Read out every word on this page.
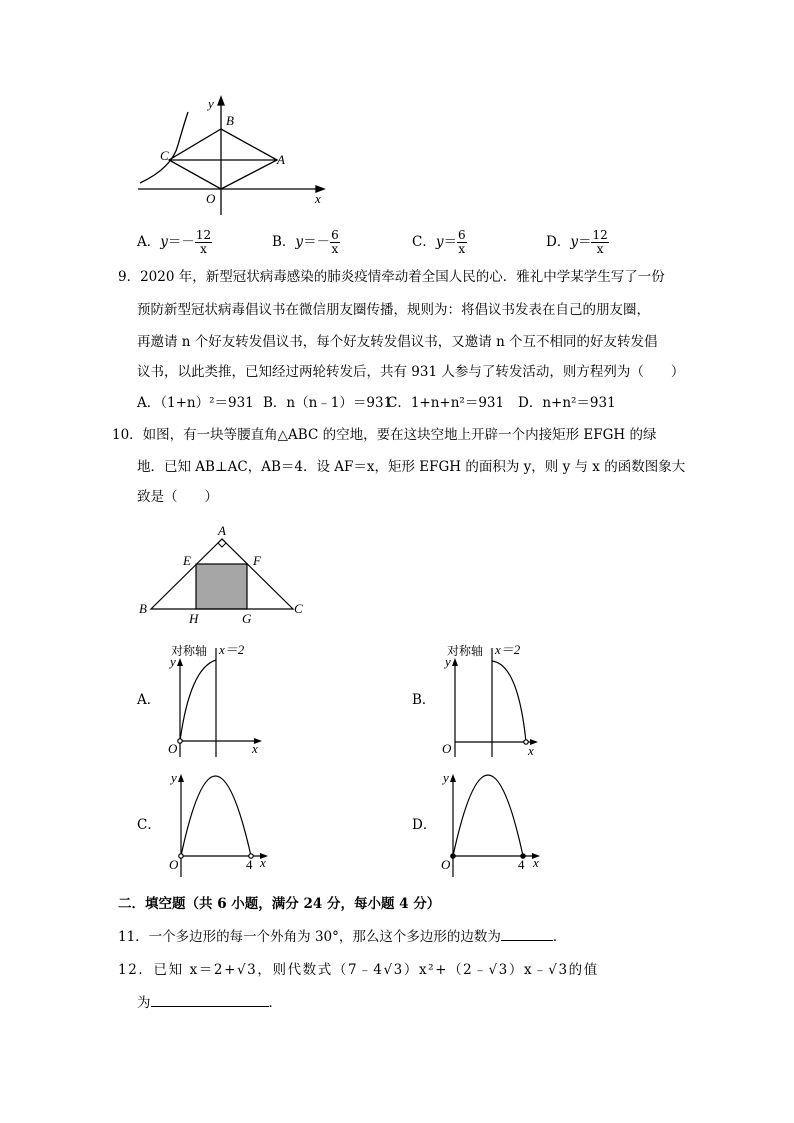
y
B
A
C
O	x
A．$y=- \frac{12}{x}$	B．$y=- \frac{6}{x}$	C．$y= \frac{6}{x}$	D．$y= \frac{12}{x}$
9．2020 年，新型冠状病毒感染的肺炎疫情牵动着全国人民的心．雅礼中学某学生写了一份
预防新型冠状病毒倡议书在微信朋友圈传播，规则为：将倡议书发表在自己的朋友圈，
再邀请 n 个好友转发倡议书，每个好友转发倡议书，又邀请 n 个互不相同的好友转发倡
议书，以此类推，已知经过两轮转发后，共有 931 人参与了转发活动，则方程列为（　　）
A．（1+n）²＝931 B．n（n﹣1）＝931
C．1+n+n²＝931 D．n+n²＝931
10．如图，有一块等腰直角△ABC 的空地，要在这块空地上开辟一个内接矩形 EFGH 的绿
地．已知 AB⊥AC，AB＝4．设 AF＝x，矩形 EFGH 的面积为 y，则 y 与 x 的函数图象大
致是（　　）
A
E	F
B
H	G
C
对称轴 x＝2
y
O	x
对称轴 x＝2
y
O	x
y
O	4 x
y
O	4 x
A．	B．
C．	D．
二．填空题（共 6 小题，满分 24 分，每小题 4 分）
11．一个多边形的每一个外角为 30°，那么这个多边形的边数为	．
12．已知 x＝2+√3，则代数式（7﹣4√3）x²+（2﹣√3）x﹣√3的值
为	．
